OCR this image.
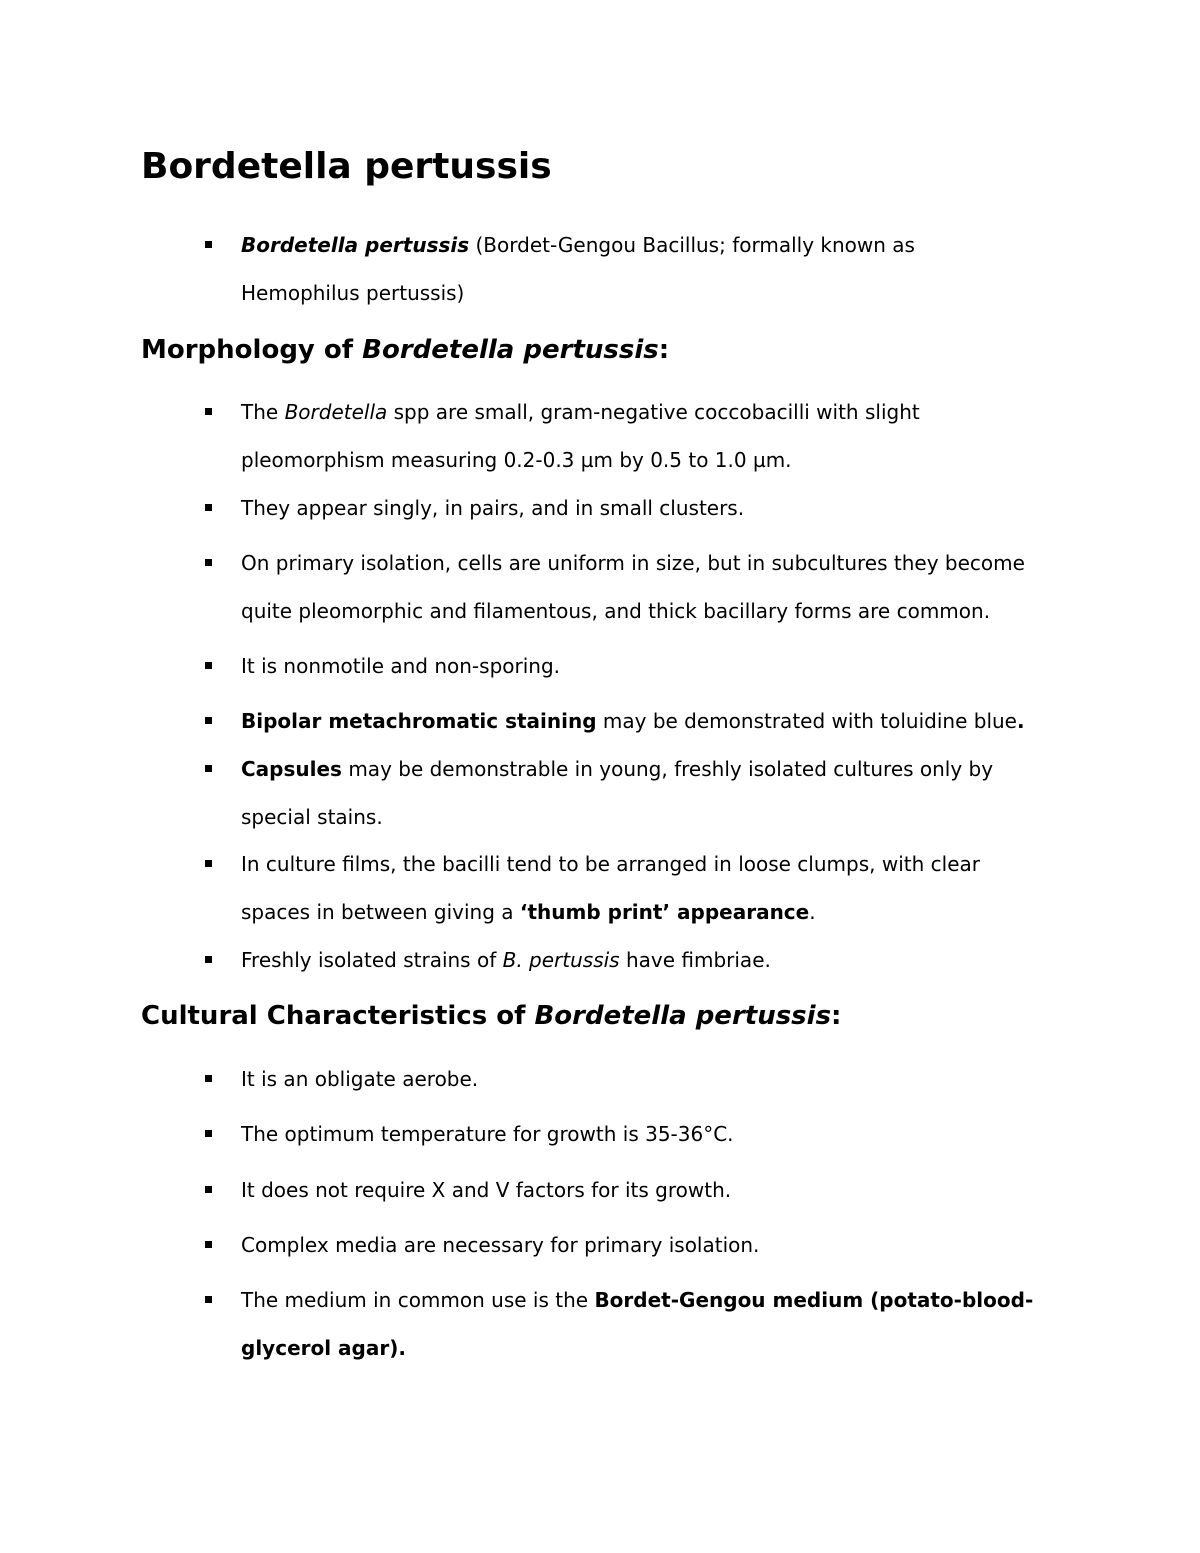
Bordetella pertussis
Bordetella pertussis (Bordet-Gengou Bacillus; formally known as
Hemophilus pertussis)
Morphology of Bordetella pertussis:
The Bordetella spp are small, gram-negative coccobacilli with slight
pleomorphism measuring 0.2-0.3 µm by 0.5 to 1.0 µm.
They appear singly, in pairs, and in small clusters.
On primary isolation, cells are uniform in size, but in subcultures they become
quite pleomorphic and filamentous, and thick bacillary forms are common.
It is nonmotile and non-sporing.
Bipolar metachromatic staining may be demonstrated with toluidine blue.
Capsules may be demonstrable in young, freshly isolated cultures only by
special stains.
In culture films, the bacilli tend to be arranged in loose clumps, with clear
spaces in between giving a ‘thumb print’ appearance.
Freshly isolated strains of B. pertussis have fimbriae.
Cultural Characteristics of Bordetella pertussis:
It is an obligate aerobe.
The optimum temperature for growth is 35-36°C.
It does not require X and V factors for its growth.
Complex media are necessary for primary isolation.
The medium in common use is the Bordet-Gengou medium (potato-blood-
glycerol agar).
